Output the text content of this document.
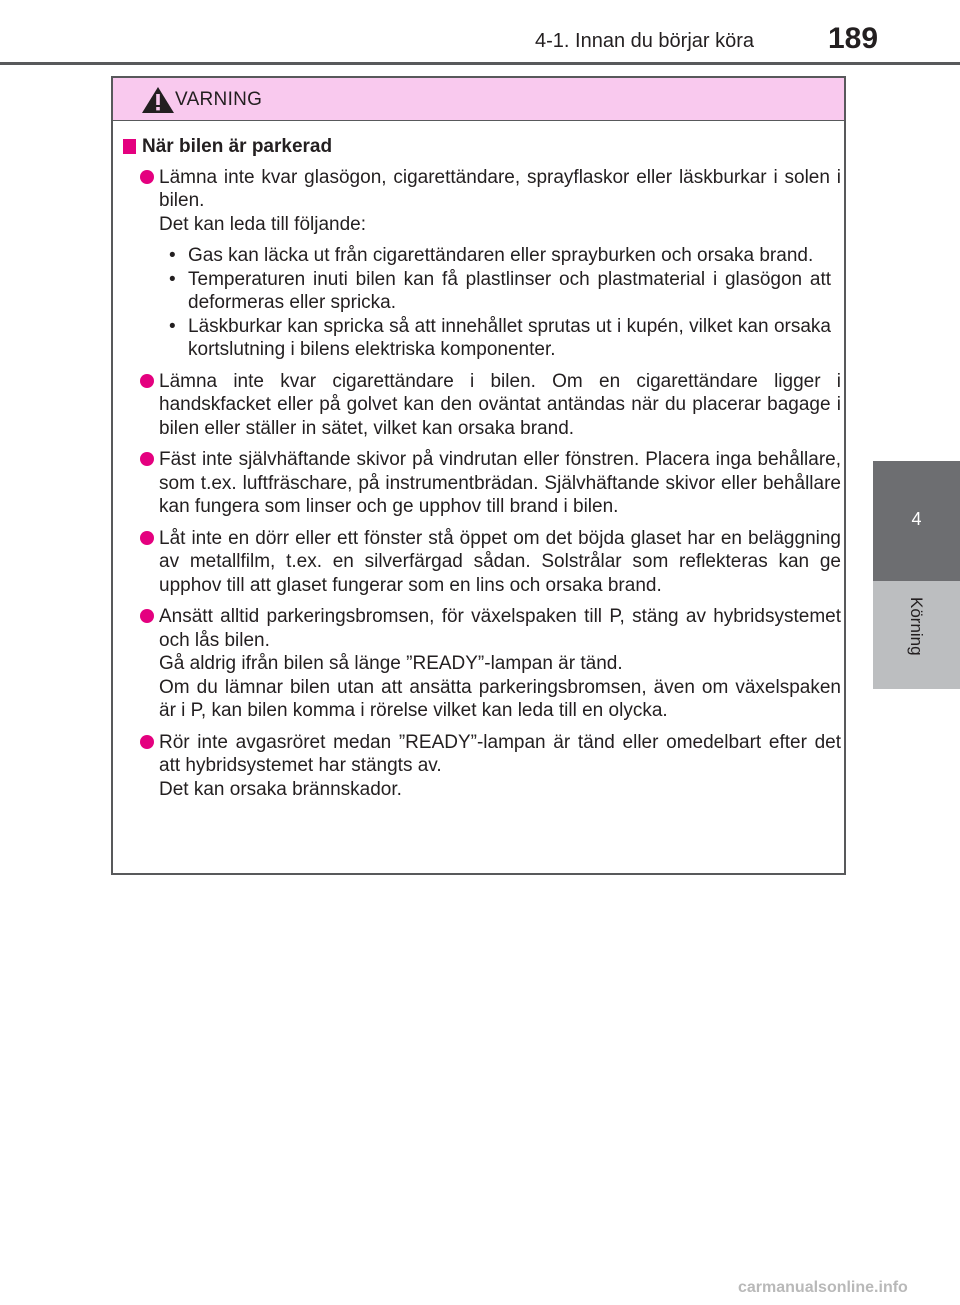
4-1. Innan du börjar köra 189
4
Körning
VARNING
När bilen är parkerad

Lämna inte kvar glasögon, cigarettändare, sprayflaskor eller läskburkar i solen i bilen.

Det kan leda till följande:

• Gas kan läcka ut från cigarettändaren eller sprayburken och orsaka brand.
• Temperaturen inuti bilen kan få plastlinser och plastmaterial i glasögon att deformeras eller spricka.
• Läskburkar kan spricka så att innehållet sprutas ut i kupén, vilket kan orsaka kortslutning i bilens elektriska komponenter.

Lämna inte kvar cigarettändare i bilen. Om en cigarettändare ligger i handskfacket eller på golvet kan den oväntat antändas när du placerar bagage i bilen eller ställer in sätet, vilket kan orsaka brand.

Fäst inte självhäftande skivor på vindrutan eller fönstren. Placera inga behållare, som t.ex. luftfräschare, på instrumentbrädan. Självhäftande skivor eller behållare kan fungera som linser och ge upphov till brand i bilen.

Låt inte en dörr eller ett fönster stå öppet om det böjda glaset har en beläggning av metallfilm, t.ex. en silverfärgad sådan. Solstrålar som reflekteras kan ge upphov till att glaset fungerar som en lins och orsaka brand.

Ansätt alltid parkeringsbromsen, för växelspaken till P, stäng av hybridsystemet och lås bilen.

Gå aldrig ifrån bilen så länge ”READY”-lampan är tänd.

Om du lämnar bilen utan att ansätta parkeringsbromsen, även om växelspaken är i P, kan bilen komma i rörelse vilket kan leda till en olycka.

Rör inte avgasröret medan ”READY”-lampan är tänd eller omedelbart efter det att hybridsystemet har stängts av.

Det kan orsaka brännskador.

carmanualsonline.info
